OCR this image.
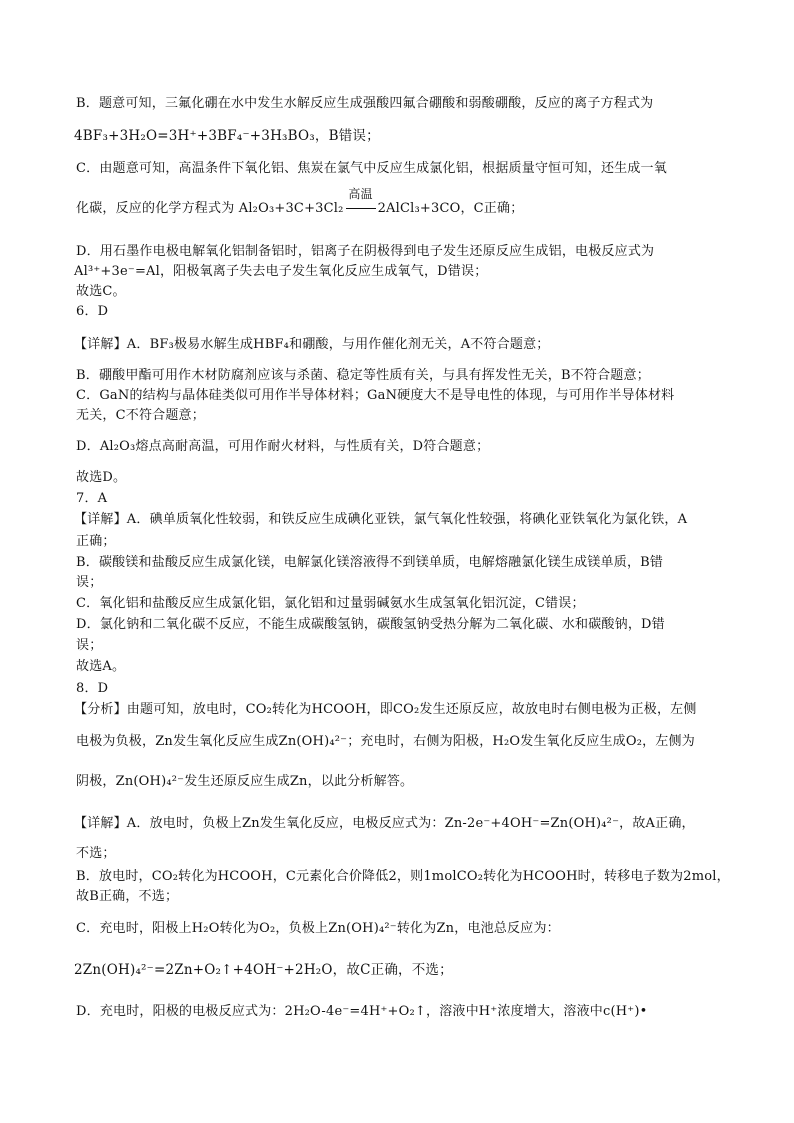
B．题意可知，三氟化硼在水中发生水解反应生成强酸四氟合硼酸和弱酸硼酸，反应的离子方程式为
4BF₃+3H₂O=3H⁺+3BF₄⁻+3H₃BO₃，B错误；
C．由题意可知，高温条件下氧化铝、焦炭在氯气中反应生成氯化铝，根据质量守恒可知，还生成一氧
化碳，反应的化学方程式为 Al₂O₃+3C+3Cl₂
高温
2AlCl₃+3CO，C正确；
D．用石墨作电极电解氧化铝制备铝时，铝离子在阴极得到电子发生还原反应生成铝，电极反应式为
Al³⁺+3e⁻=Al，阳极氧离子失去电子发生氧化反应生成氧气，D错误；
故选C。
6．D
【详解】A．BF₃极易水解生成HBF₄和硼酸，与用作催化剂无关，A不符合题意；
B．硼酸甲酯可用作木材防腐剂应该与杀菌、稳定等性质有关，与具有挥发性无关，B不符合题意；
C．GaN的结构与晶体硅类似可用作半导体材料；GaN硬度大不是导电性的体现，与可用作半导体材料
无关，C不符合题意；
D．Al₂O₃熔点高耐高温，可用作耐火材料，与性质有关，D符合题意；
故选D。
7．A
【详解】A．碘单质氧化性较弱，和铁反应生成碘化亚铁，氯气氧化性较强，将碘化亚铁氧化为氯化铁，A
正确；
B．碳酸镁和盐酸反应生成氯化镁，电解氯化镁溶液得不到镁单质，电解熔融氯化镁生成镁单质，B错
误；
C．氧化铝和盐酸反应生成氯化铝，氯化铝和过量弱碱氨水生成氢氧化铝沉淀，C错误；
D．氯化钠和二氧化碳不反应，不能生成碳酸氢钠，碳酸氢钠受热分解为二氧化碳、水和碳酸钠，D错
误；
故选A。
8．D
【分析】由题可知，放电时，CO₂转化为HCOOH，即CO₂发生还原反应，故放电时右侧电极为正极，左侧
电极为负极，Zn发生氧化反应生成Zn(OH)₄²⁻；充电时，右侧为阳极，H₂O发生氧化反应生成O₂，左侧为
阴极，Zn(OH)₄²⁻发生还原反应生成Zn，以此分析解答。
【详解】A．放电时，负极上Zn发生氧化反应，电极反应式为：Zn-2e⁻+4OH⁻=Zn(OH)₄²⁻，故A正确，
不选；
B．放电时，CO₂转化为HCOOH，C元素化合价降低2，则1molCO₂转化为HCOOH时，转移电子数为2mol，
故B正确，不选；
C．充电时，阳极上H₂O转化为O₂，负极上Zn(OH)₄²⁻转化为Zn，电池总反应为：
2Zn(OH)₄²⁻=2Zn+O₂↑+4OH⁻+2H₂O，故C正确，不选；
D．充电时，阳极的电极反应式为：2H₂O-4e⁻=4H⁺+O₂↑，溶液中H⁺浓度增大，溶液中c(H⁺)•
